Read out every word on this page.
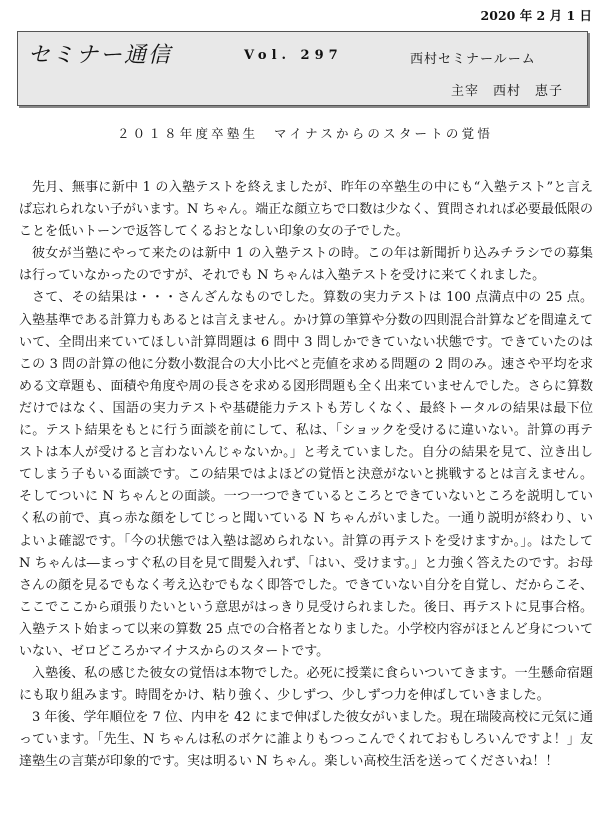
2020 年 2 月 1 日
セミナー通信	Vol. 297	西村セミナールーム
主宰　西村　恵子
２０１８年度卒塾生　マイナスからのスタートの覚悟

先月、無事に新中 1 の入塾テストを終えましたが、昨年の卒塾生の中にも“入塾テスト”と言えば忘れられない子がいます。N ちゃん。端正な顔立ちで口数は少なく、質問されれば必要最低限のことを低いトーンで返答してくるおとなしい印象の女の子でした。

彼女が当塾にやって来たのは新中 1 の入塾テストの時。この年は新聞折り込みチラシでの募集は行っていなかったのですが、それでも N ちゃんは入塾テストを受けに来てくれました。

さて、その結果は・・・さんざんなものでした。算数の実力テストは 100 点満点中の 25 点。入塾基準である計算力もあるとは言えません。かけ算の筆算や分数の四則混合計算などを間違えていて、全問出来ていてほしい計算問題は 6 問中 3 問しかできていない状態です。できていたのはこの 3 問の計算の他に分数小数混合の大小比べと売値を求める問題の 2 問のみ。速さや平均を求める文章題も、面積や角度や周の長さを求める図形問題も全く出来ていませんでした。さらに算数だけではなく、国語の実力テストや基礎能力テストも芳しくなく、最終トータルの結果は最下位に。テスト結果をもとに行う面談を前にして、私は、「ショックを受けるに違いない。計算の再テストは本人が受けると言わないんじゃないか。」と考えていました。自分の結果を見て、泣き出してしまう子もいる面談です。この結果ではよほどの覚悟と決意がないと挑戦するとは言えません。そしてついに N ちゃんとの面談。一つ一つできているところとできていないところを説明していく私の前で、真っ赤な顔をしてじっと聞いている N ちゃんがいました。一通り説明が終わり、いよいよ確認です。「今の状態では入塾は認められない。計算の再テストを受けますか。」。はたして N ちゃんは―まっすぐ私の目を見て間髪入れず、「はい、受けます。」と力強く答えたのです。お母さんの顔を見るでもなく考え込むでもなく即答でした。できていない自分を自覚し、だからこそ、ここでここから頑張りたいという意思がはっきり見受けられました。後日、再テストに見事合格。入塾テスト始まって以来の算数 25 点での合格者となりました。小学校内容がほとんど身についていない、ゼロどころかマイナスからのスタートです。

入塾後、私の感じた彼女の覚悟は本物でした。必死に授業に食らいついてきます。一生懸命宿題にも取り組みます。時間をかけ、粘り強く、少しずつ、少しずつ力を伸ばしていきました。

3 年後、学年順位を 7 位、内申を 42 にまで伸ばした彼女がいました。現在瑞陵高校に元気に通っています。「先生、N ちゃんは私のボケに誰よりもつっこんでくれておもしろいんですよ！」友達塾生の言葉が印象的です。実は明るい N ちゃん。楽しい高校生活を送ってくださいね！！
